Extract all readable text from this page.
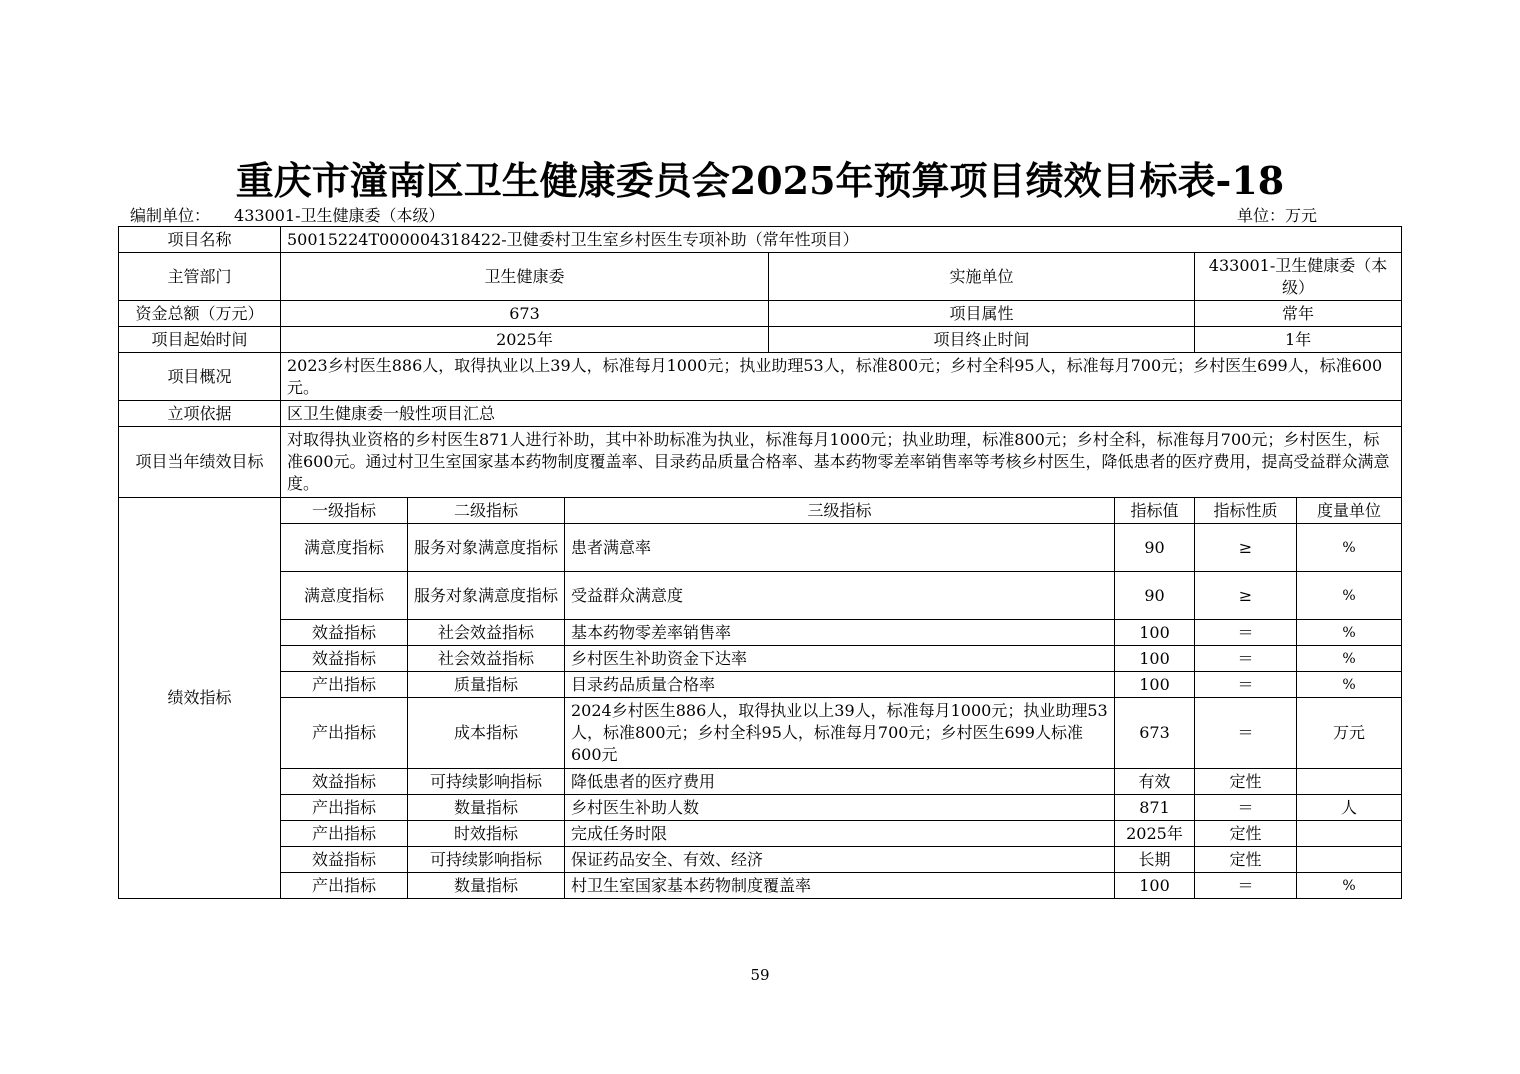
重庆市潼南区卫生健康委员会2025年预算项目绩效目标表-18
编制单位： 433001-卫生健康委（本级）	单位：万元
项目名称	50015224T000004318422-卫健委村卫生室乡村医生专项补助（常年性项目）						
主管部门	卫生健康委			实施单位		433001-卫生健康委（本级）	
资金总额（万元）	673			项目属性		常年	
项目起始时间	2025年			项目终止时间		1年	
项目概况	2023乡村医生886人，取得执业以上39人，标准每月1000元；执业助理53人，标准800元；乡村全科95人，标准每月700元；乡村医生699人，标准600元。						
立项依据	区卫生健康委一般性项目汇总						
项目当年绩效目标	对取得执业资格的乡村医生871人进行补助，其中补助标准为执业，标准每月1000元；执业助理，标准800元；乡村全科，标准每月700元；乡村医生，标准600元。通过村卫生室国家基本药物制度覆盖率、目录药品质量合格率、基本药物零差率销售率等考核乡村医生，降低患者的医疗费用，提高受益群众满意度。						
绩效指标	一级指标	二级指标	三级指标		指标值	指标性质	度量单位
	满意度指标	服务对象满意度指标	患者满意率		90	≥	%
	满意度指标	服务对象满意度指标	受益群众满意度		90	≥	%
	效益指标	社会效益指标	基本药物零差率销售率		100	＝	%
	效益指标	社会效益指标	乡村医生补助资金下达率		100	＝	%
	产出指标	质量指标	目录药品质量合格率		100	＝	%
	产出指标	成本指标	2024乡村医生886人，取得执业以上39人，标准每月1000元；执业助理53人，标准800元；乡村全科95人，标准每月700元；乡村医生699人标准600元		673	＝	万元
	效益指标	可持续影响指标	降低患者的医疗费用		有效	定性	
	产出指标	数量指标	乡村医生补助人数		871	＝	人
	产出指标	时效指标	完成任务时限		2025年	定性	
	效益指标	可持续影响指标	保证药品安全、有效、经济		长期	定性	
	产出指标	数量指标	村卫生室国家基本药物制度覆盖率		100	＝	%
59
